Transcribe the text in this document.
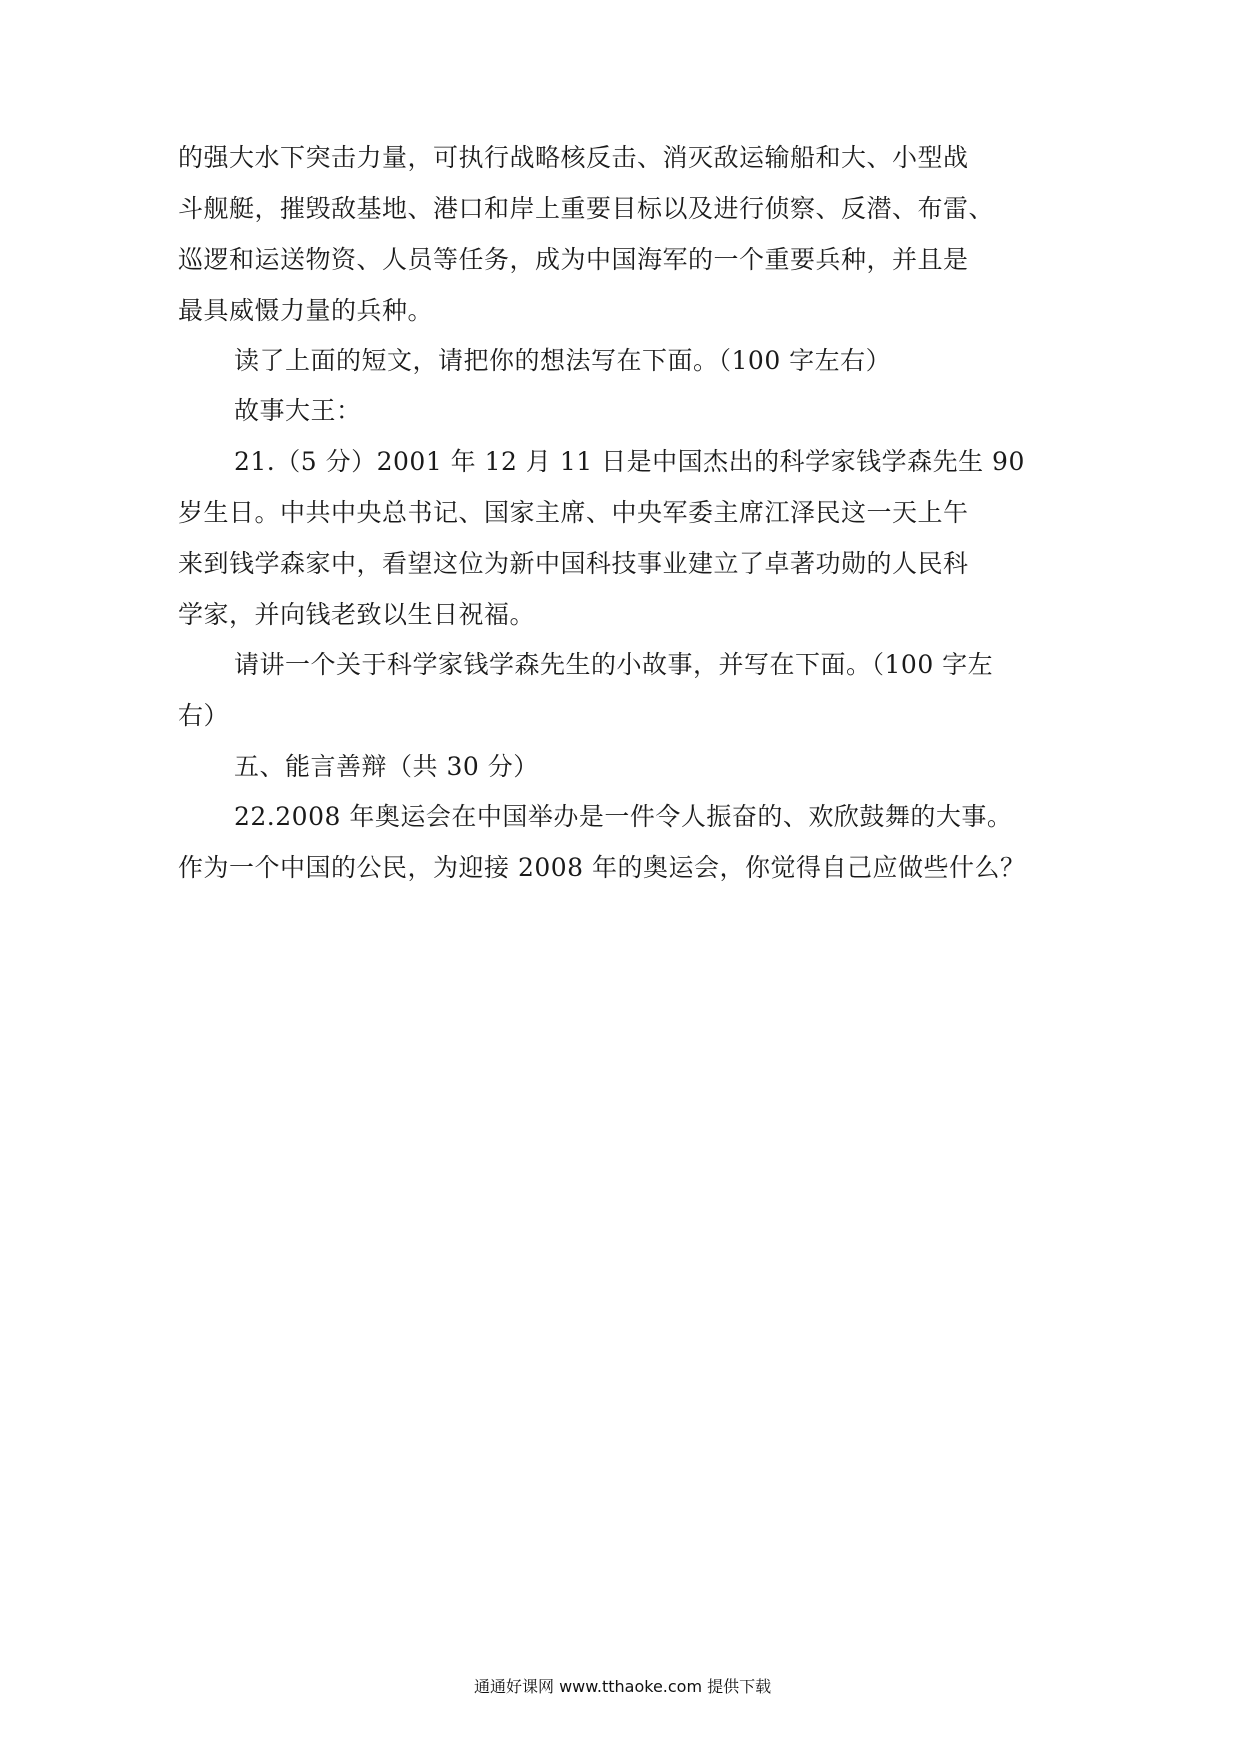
的强大水下突击力量，可执行战略核反击、消灭敌运输船和大、小型战
斗舰艇，摧毁敌基地、港口和岸上重要目标以及进行侦察、反潜、布雷、
巡逻和运送物资、人员等任务，成为中国海军的一个重要兵种，并且是
最具威慑力量的兵种。
读了上面的短文，请把你的想法写在下面。（100 字左右）
故事大王：
21.（5 分）2001 年 12 月 11 日是中国杰出的科学家钱学森先生 90
岁生日。中共中央总书记、国家主席、中央军委主席江泽民这一天上午
来到钱学森家中，看望这位为新中国科技事业建立了卓著功勋的人民科
学家，并向钱老致以生日祝福。
请讲一个关于科学家钱学森先生的小故事，并写在下面。（100 字左
右）
五、能言善辩（共 30 分）
22.2008 年奥运会在中国举办是一件令人振奋的、欢欣鼓舞的大事。
作为一个中国的公民，为迎接 2008 年的奥运会，你觉得自己应做些什么？
通通好课网 www.tthaoke.com 提供下载
